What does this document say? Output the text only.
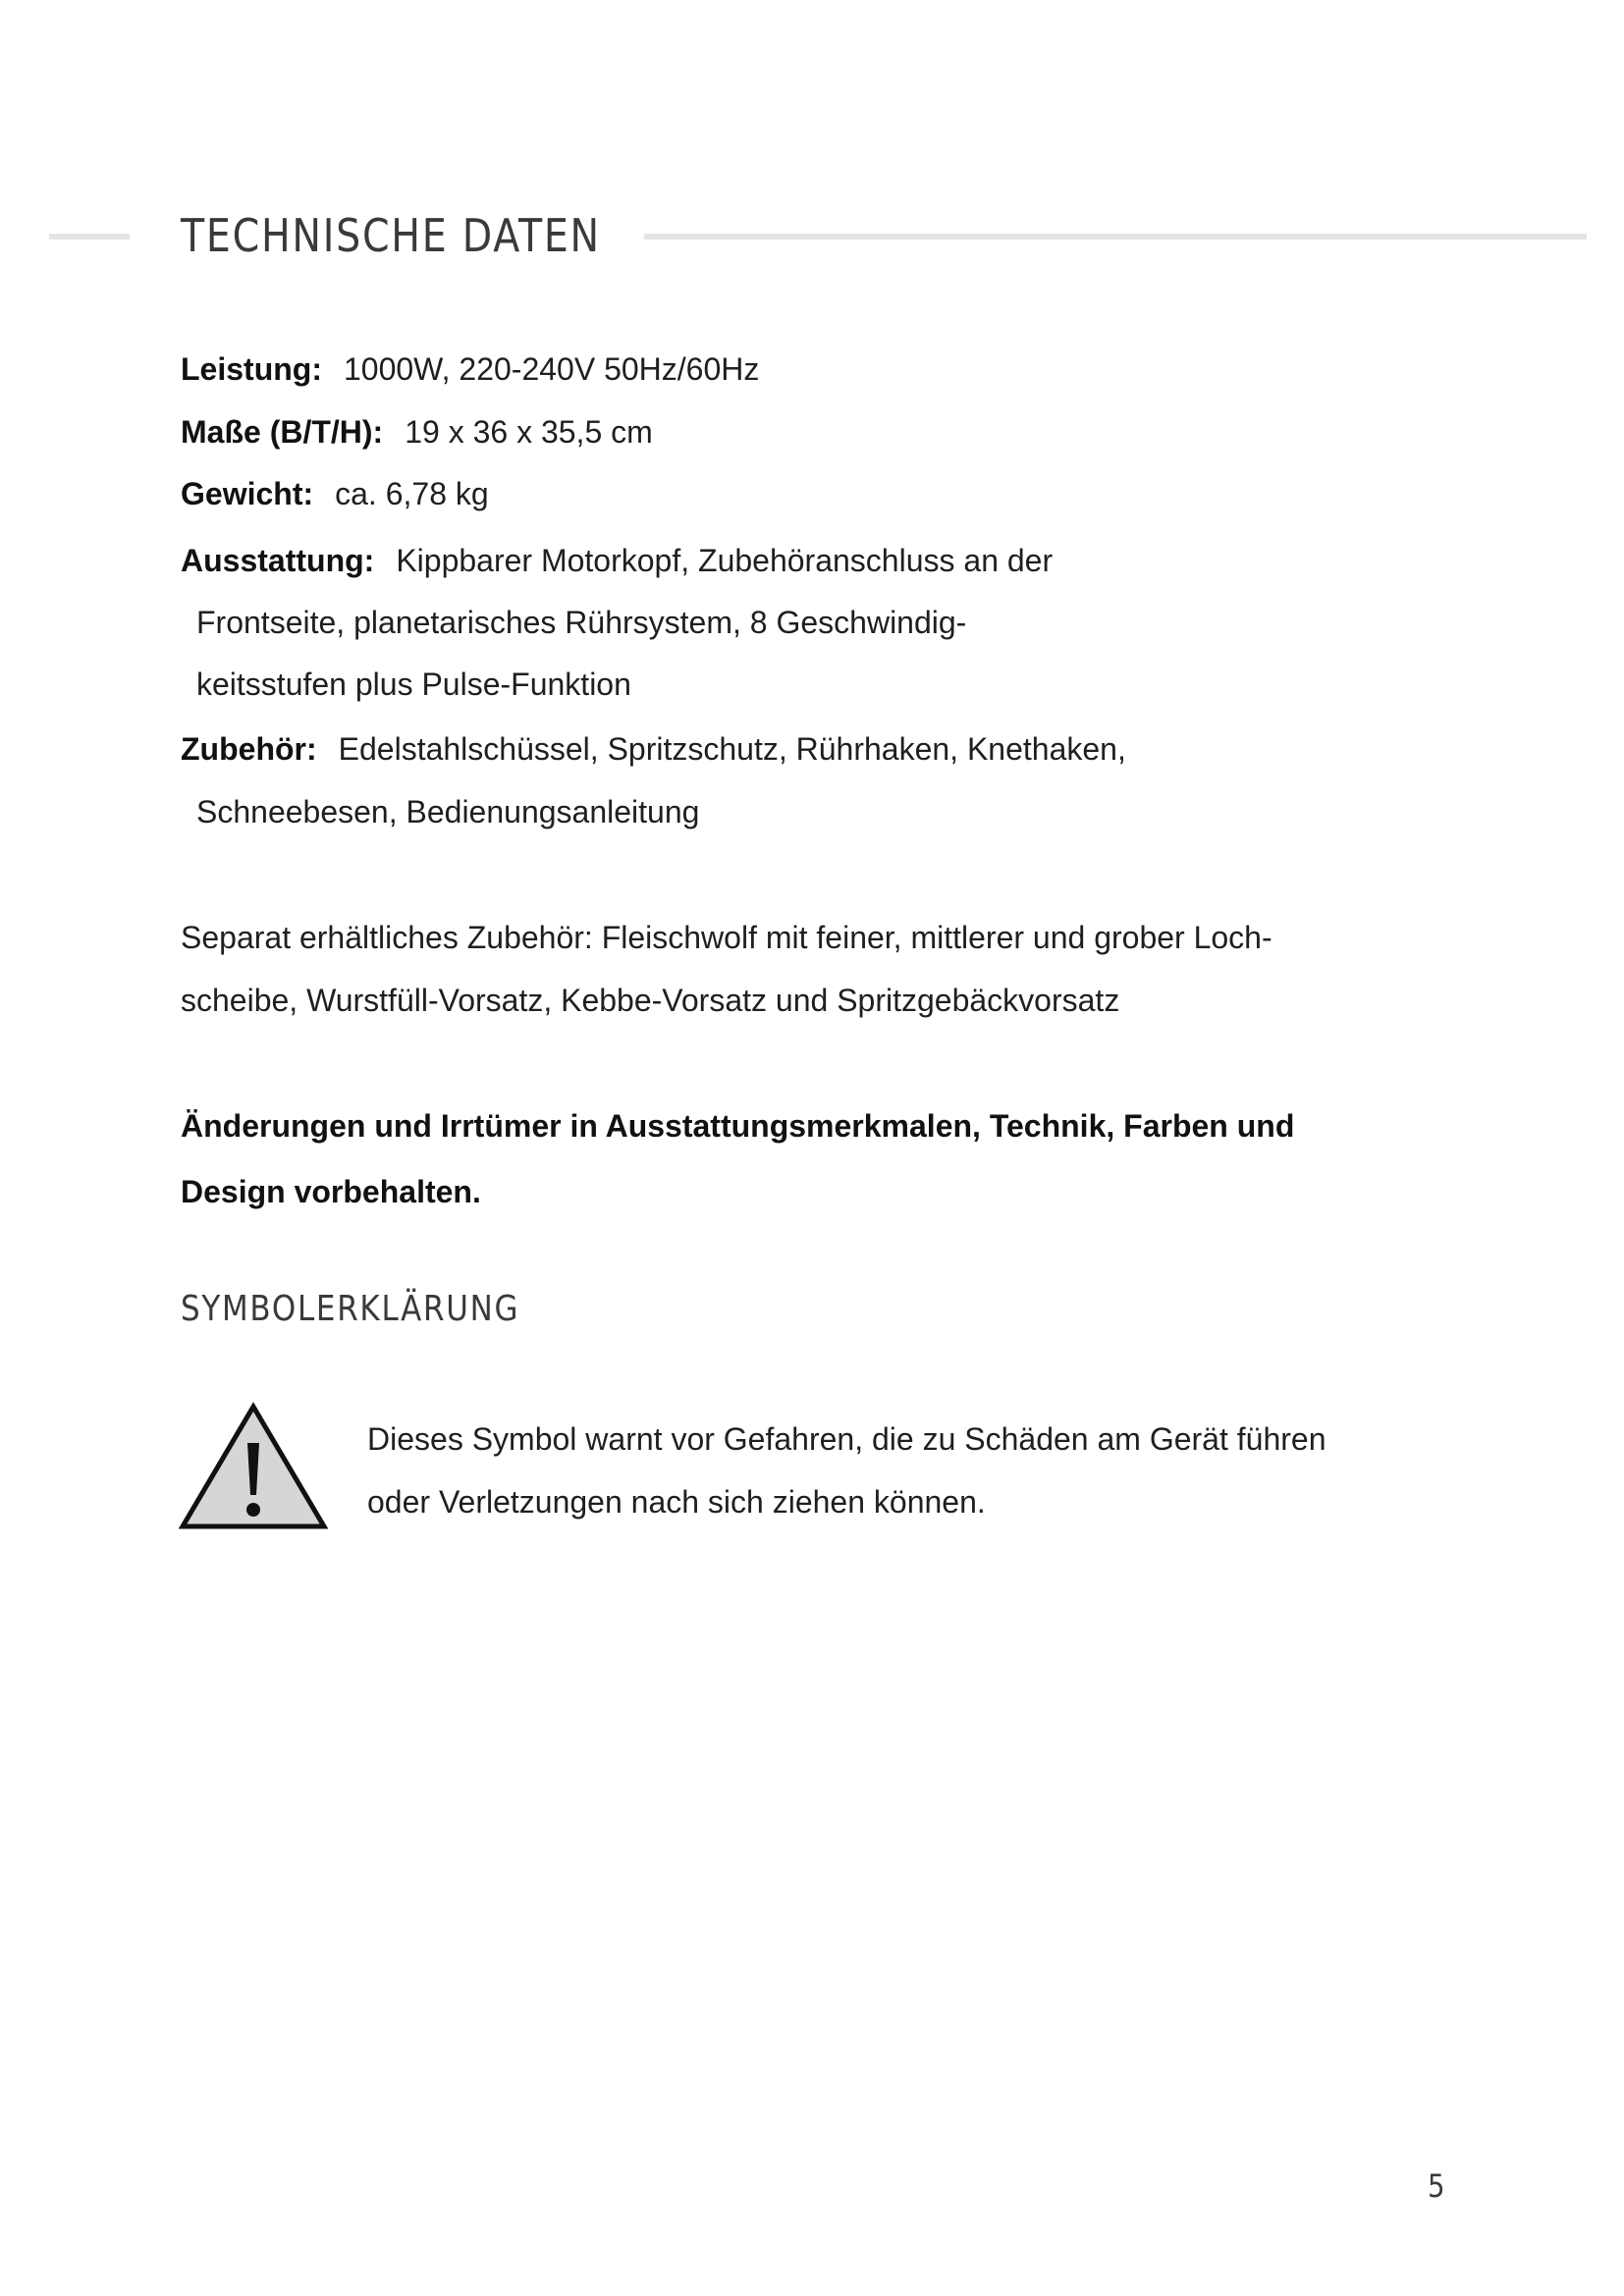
TECHNISCHE DATEN
Leistung: 1000W, 220-240V 50Hz/60Hz
Maße (B/T/H): 19 x 36 x 35,5 cm
Gewicht: ca. 6,78 kg
Ausstattung: Kippbarer Motorkopf, Zubehöranschluss an der
Frontseite, planetarisches Rührsystem, 8 Geschwindig-
keitsstufen plus Pulse-Funktion
Zubehör: Edelstahlschüssel, Spritzschutz, Rührhaken, Knethaken,
Schneebesen, Bedienungsanleitung
Separat erhältliches Zubehör: Fleischwolf mit feiner, mittlerer und grober Loch-
scheibe, Wurstfüll-Vorsatz, Kebbe-Vorsatz und Spritzgebäckvorsatz
Änderungen und Irrtümer in Ausstattungsmerkmalen, Technik, Farben und
Design vorbehalten.
SYMBOLERKLÄRUNG
Dieses Symbol warnt vor Gefahren, die zu Schäden am Gerät führen
oder Verletzungen nach sich ziehen können.
5
